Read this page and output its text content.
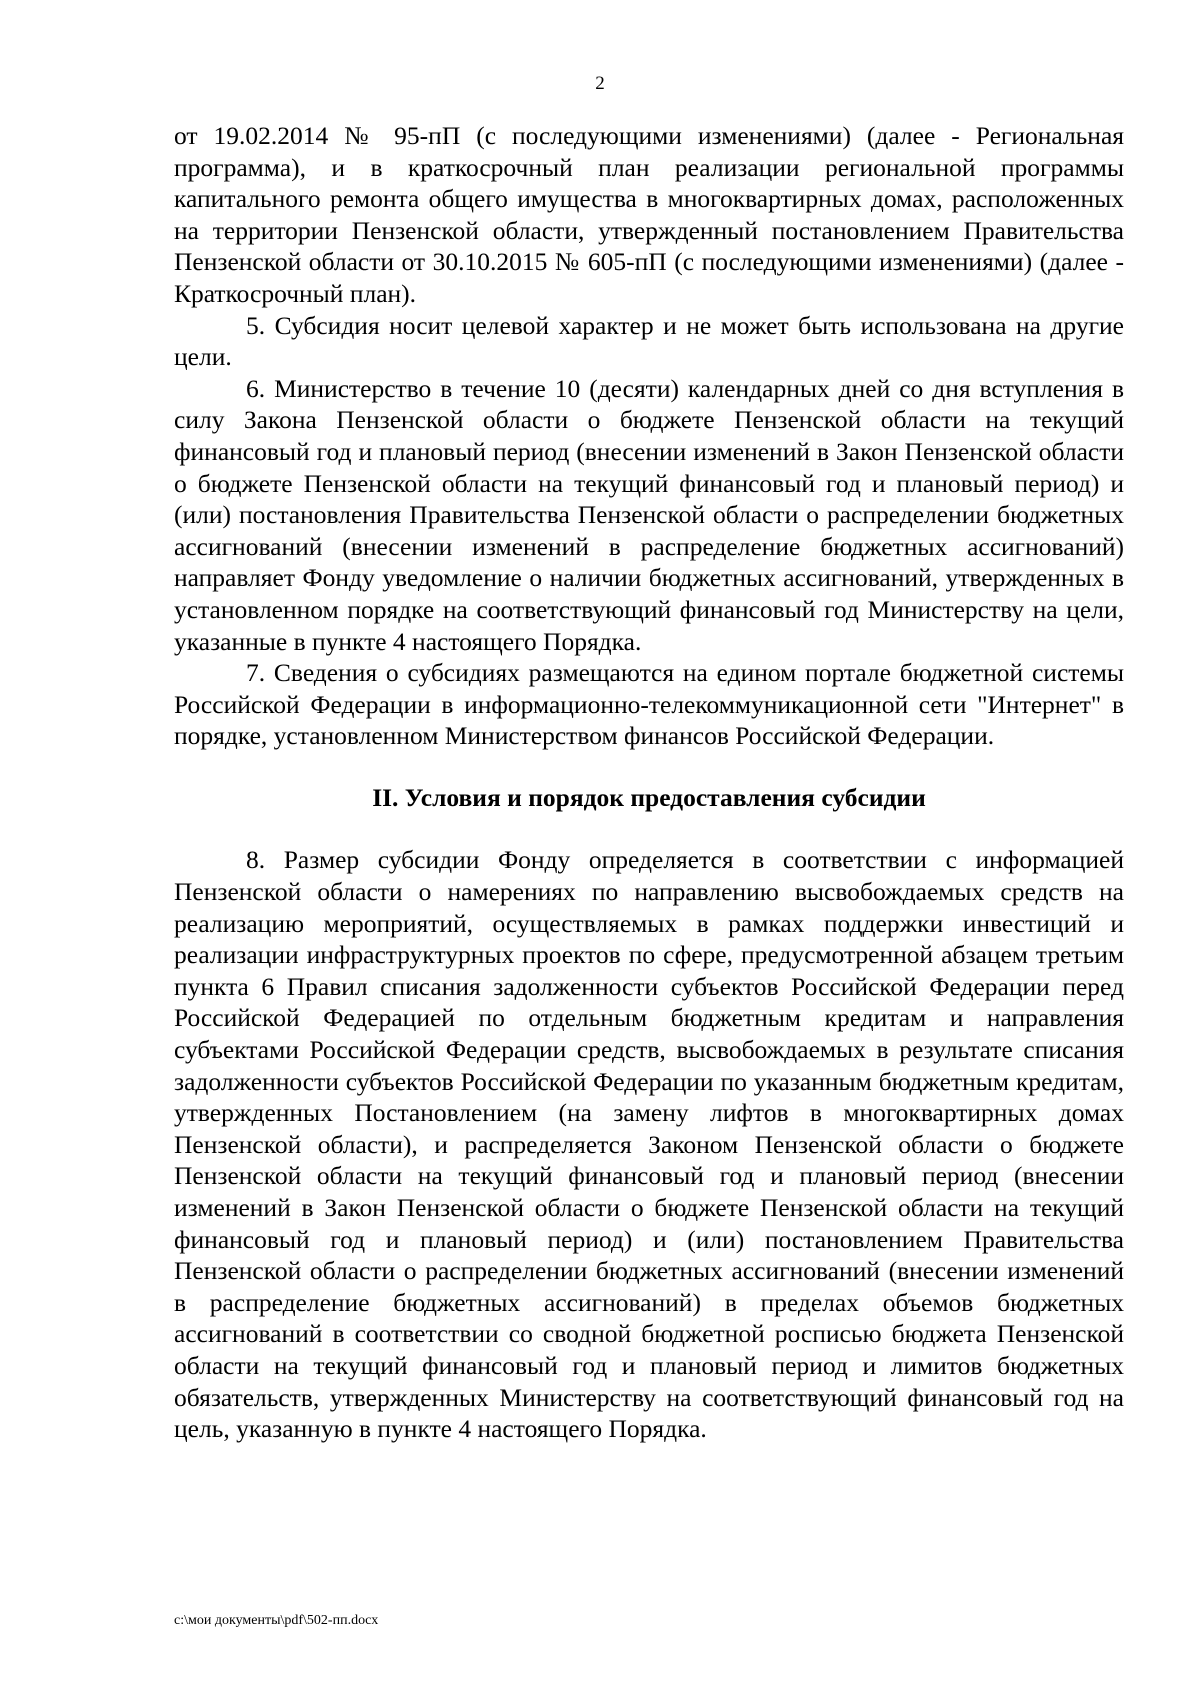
2

от 19.02.2014 № 95-пП (с последующими изменениями) (далее - Региональная программа), и в краткосрочный план реализации региональной программы капитального ремонта общего имущества в многоквартирных домах, расположенных на территории Пензенской области, утвержденный постановлением Правительства Пензенской области от 30.10.2015 № 605-пП (с последующими изменениями) (далее - Краткосрочный план).

5. Субсидия носит целевой характер и не может быть использована на другие цели.

6. Министерство в течение 10 (десяти) календарных дней со дня вступления в силу Закона Пензенской области о бюджете Пензенской области на текущий финансовый год и плановый период (внесении изменений в Закон Пензенской области о бюджете Пензенской области на текущий финансовый год и плановый период) и (или) постановления Правительства Пензенской области о распределении бюджетных ассигнований (внесении изменений в распределение бюджетных ассигнований) направляет Фонду уведомление о наличии бюджетных ассигнований, утвержденных в установленном порядке на соответствующий финансовый год Министерству на цели, указанные в пункте 4 настоящего Порядка.

7. Сведения о субсидиях размещаются на едином портале бюджетной системы Российской Федерации в информационно-телекоммуникационной сети "Интернет" в порядке, установленном Министерством финансов Российской Федерации.

II. Условия и порядок предоставления субсидии

8. Размер субсидии Фонду определяется в соответствии с информацией Пензенской области о намерениях по направлению высвобождаемых средств на реализацию мероприятий, осуществляемых в рамках поддержки инвестиций и реализации инфраструктурных проектов по сфере, предусмотренной абзацем третьим пункта 6 Правил списания задолженности субъектов Российской Федерации перед Российской Федерацией по отдельным бюджетным кредитам и направления субъектами Российской Федерации средств, высвобождаемых в результате списания задолженности субъектов Российской Федерации по указанным бюджетным кредитам, утвержденных Постановлением (на замену лифтов в многоквартирных домах Пензенской области), и распределяется Законом Пензенской области о бюджете Пензенской области на текущий финансовый год и плановый период (внесении изменений в Закон Пензенской области о бюджете Пензенской области на текущий финансовый год и плановый период) и (или) постановлением Правительства Пензенской области о распределении бюджетных ассигнований (внесении изменений в распределение бюджетных ассигнований) в пределах объемов бюджетных ассигнований в соответствии со сводной бюджетной росписью бюджета Пензенской области на текущий финансовый год и плановый период и лимитов бюджетных обязательств, утвержденных Министерству на соответствующий финансовый год на цель, указанную в пункте 4 настоящего Порядка.

c:\мои документы\pdf\502-пп.docx
